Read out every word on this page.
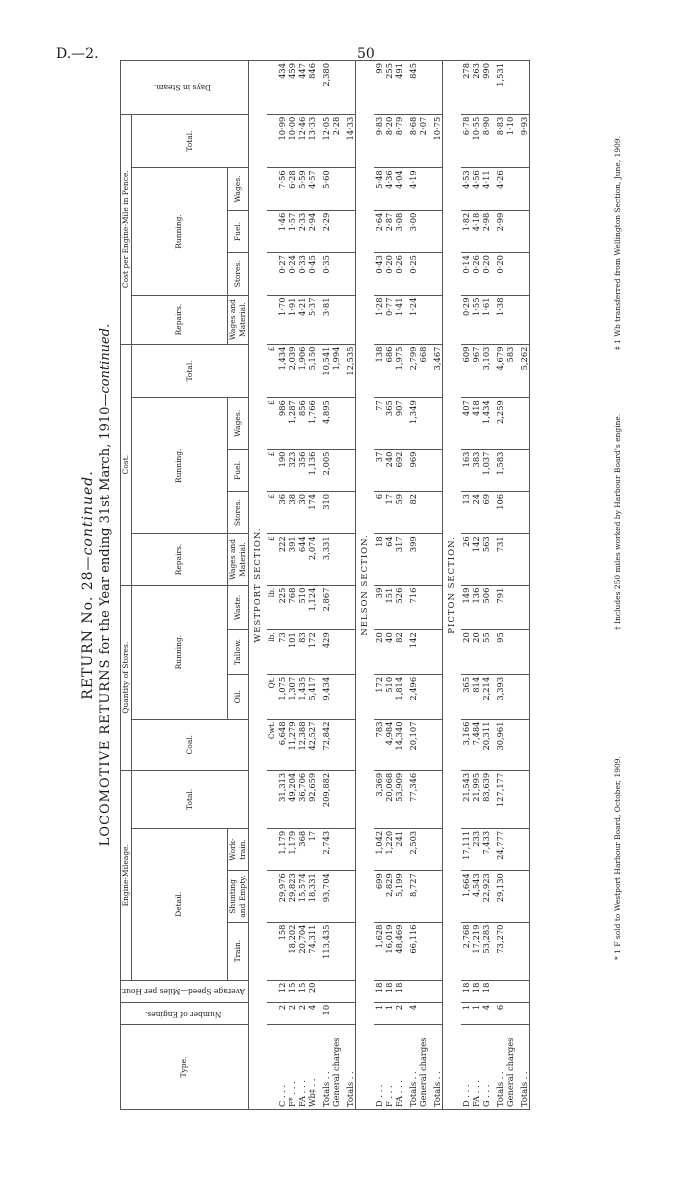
D.—2.	50
RETURN No. 28—continued.
LOCOMOTIVE RETURNS for the Year ending 31st March, 1910—continued.
Type.	Number of Engines.	Average Speed—Miles per Hour.	Engine-Mileage.				Quantity of Stores.				Cost.					Cost per Engine-Mile in Pence.					Days in Steam.
			Detail.			Total.	Coal.	Running.			Repairs.	Running.			Total.	Repairs.	Running.			Total.	
			Train.	Shunting and Empty.	Work-train.			Oil.	Tallow.	Waste.	Wages and Material.	Stores.	Fuel.	Wages.		Wages and Material.	Stores.	Fuel.	Wages.		
WESTPORT SECTION.																					
							Cwt.	Qt.	lb.	lb.	£	£	£	£	£						
C . . .	2	12	158	29,976	1,179	31,313	6,648	1,075	73	225	222	36	190	986	1,434	1·70	0·27	1·46	7·56	10·99	434
F* . . .	2	15	18,202	29,823	1,179	49,204	11,279	1,307	101	768	391	38	323	1,287	2,039	1·91	0·24	1·57	6·28	10·00	459
FA . . .	2	15	20,704	15,574	368	36,706	12,388	1,435	83	510	644	30	356	856	1,906	4·21	0·33	2·33	5·59	12·46	447
Wb‡ . .	4	20	74,311	18,331	17	92,659	42,527	5,417	172	1,124	2,074	174	1,136	1,766	5,150	5·37	0·45	2·94	4·57	13·33	846

Totals . .	10		113,435	93,704	2,743	209,882	72,842	9,434	429	2,867	3,331	310	2,005	4,895	10,541	3·81	0·35	2·29	5·60	12·05	2,380
General charges															1,994					2·28	

Totals . .															12,535					14·33	
NELSON SECTION.																					
D . . .	1	18	1,628	699	1,042	3,369	783	172	20	39	18	6	37	77	138	1·28	0·43	2·64	5·48	9·83	99
F . . .	1	18	16,019	2,829	1,220	20,068	4,984	510	40	151	64	17	240	365	686	0·77	0·20	2·87	4·36	8·20	255
FA . . .	2	18	48,469	5,199	241	53,909	14,340	1,814	82	526	317	59	692	907	1,975	1·41	0·26	3·08	4·04	8·79	491

Totals . .	4		66,116	8,727	2,503	77,346	20,107	2,496	142	716	399	82	969	1,349	2,799	1·24	0·25	3·00	4·19	8·68	845
General charges															668					2·07	

Totals . .															3,467					10·75	
PICTON SECTION.																					
D . . .	1	18	2,768	1,664	17,111	21,543	3,166	365	20	149	26	13	163	407	609	0·29	0·14	1·82	4·53	6·78	278
FA . . .	1	18	17,219	4,543	233	21,995	7,484	814	20	136	142	24	383	418	967	1·55	0·26	4·18	4·56	10·55	263
G . . .	4	18	53,283	22,923	7,433	83,639	20,311	2,214	55	506	563	69	1,037	1,434	3,103	1·61	0·20	2·98	4·11	8·90	990

Totals . .	6		73,270	29,130	24,777	127,177	30,961	3,393	95	791	731	106	1,583	2,259	4,679	1·38	0·20	2·99	4·26	8·83	1,531
General charges															583					1·10	

Totals . .															5,262					9·93	
* 1 F sold to Westport Harbour Board, October, 1909.
† Includes 250 miles worked by Harbour Board's engine.
‡ 1 Wb transferred from Wellington Section, June, 1909.
